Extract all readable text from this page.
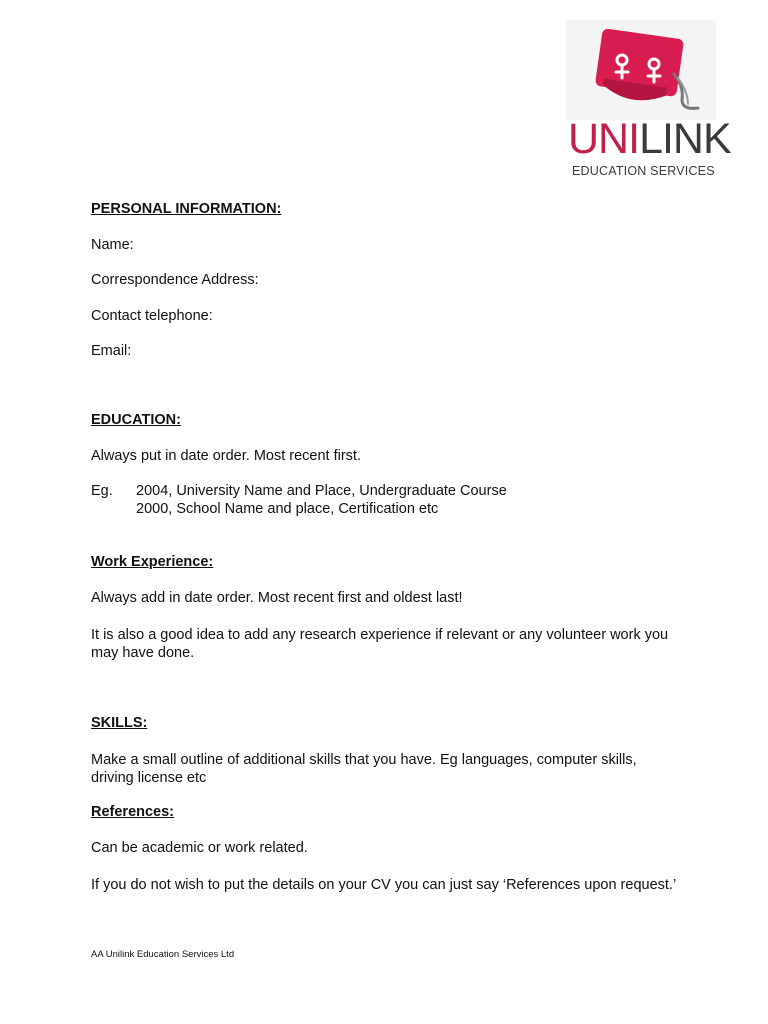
UNILINK
EDUCATION SERVICES
PERSONAL INFORMATION:
Name:
Correspondence Address:
Contact telephone:
Email:
EDUCATION:
Always put in date order. Most recent first.
Eg. 2004, University Name and Place, Undergraduate Course
2000, School Name and place, Certification etc
Work Experience:
Always add in date order. Most recent first and oldest last!
It is also a good idea to add any research experience if relevant or any volunteer work you may have done.
SKILLS:
Make a small outline of additional skills that you have. Eg languages, computer skills, driving license etc
References:
Can be academic or work related.
If you do not wish to put the details on your CV you can just say ‘References upon request.’
AA Unilink Education Services Ltd
